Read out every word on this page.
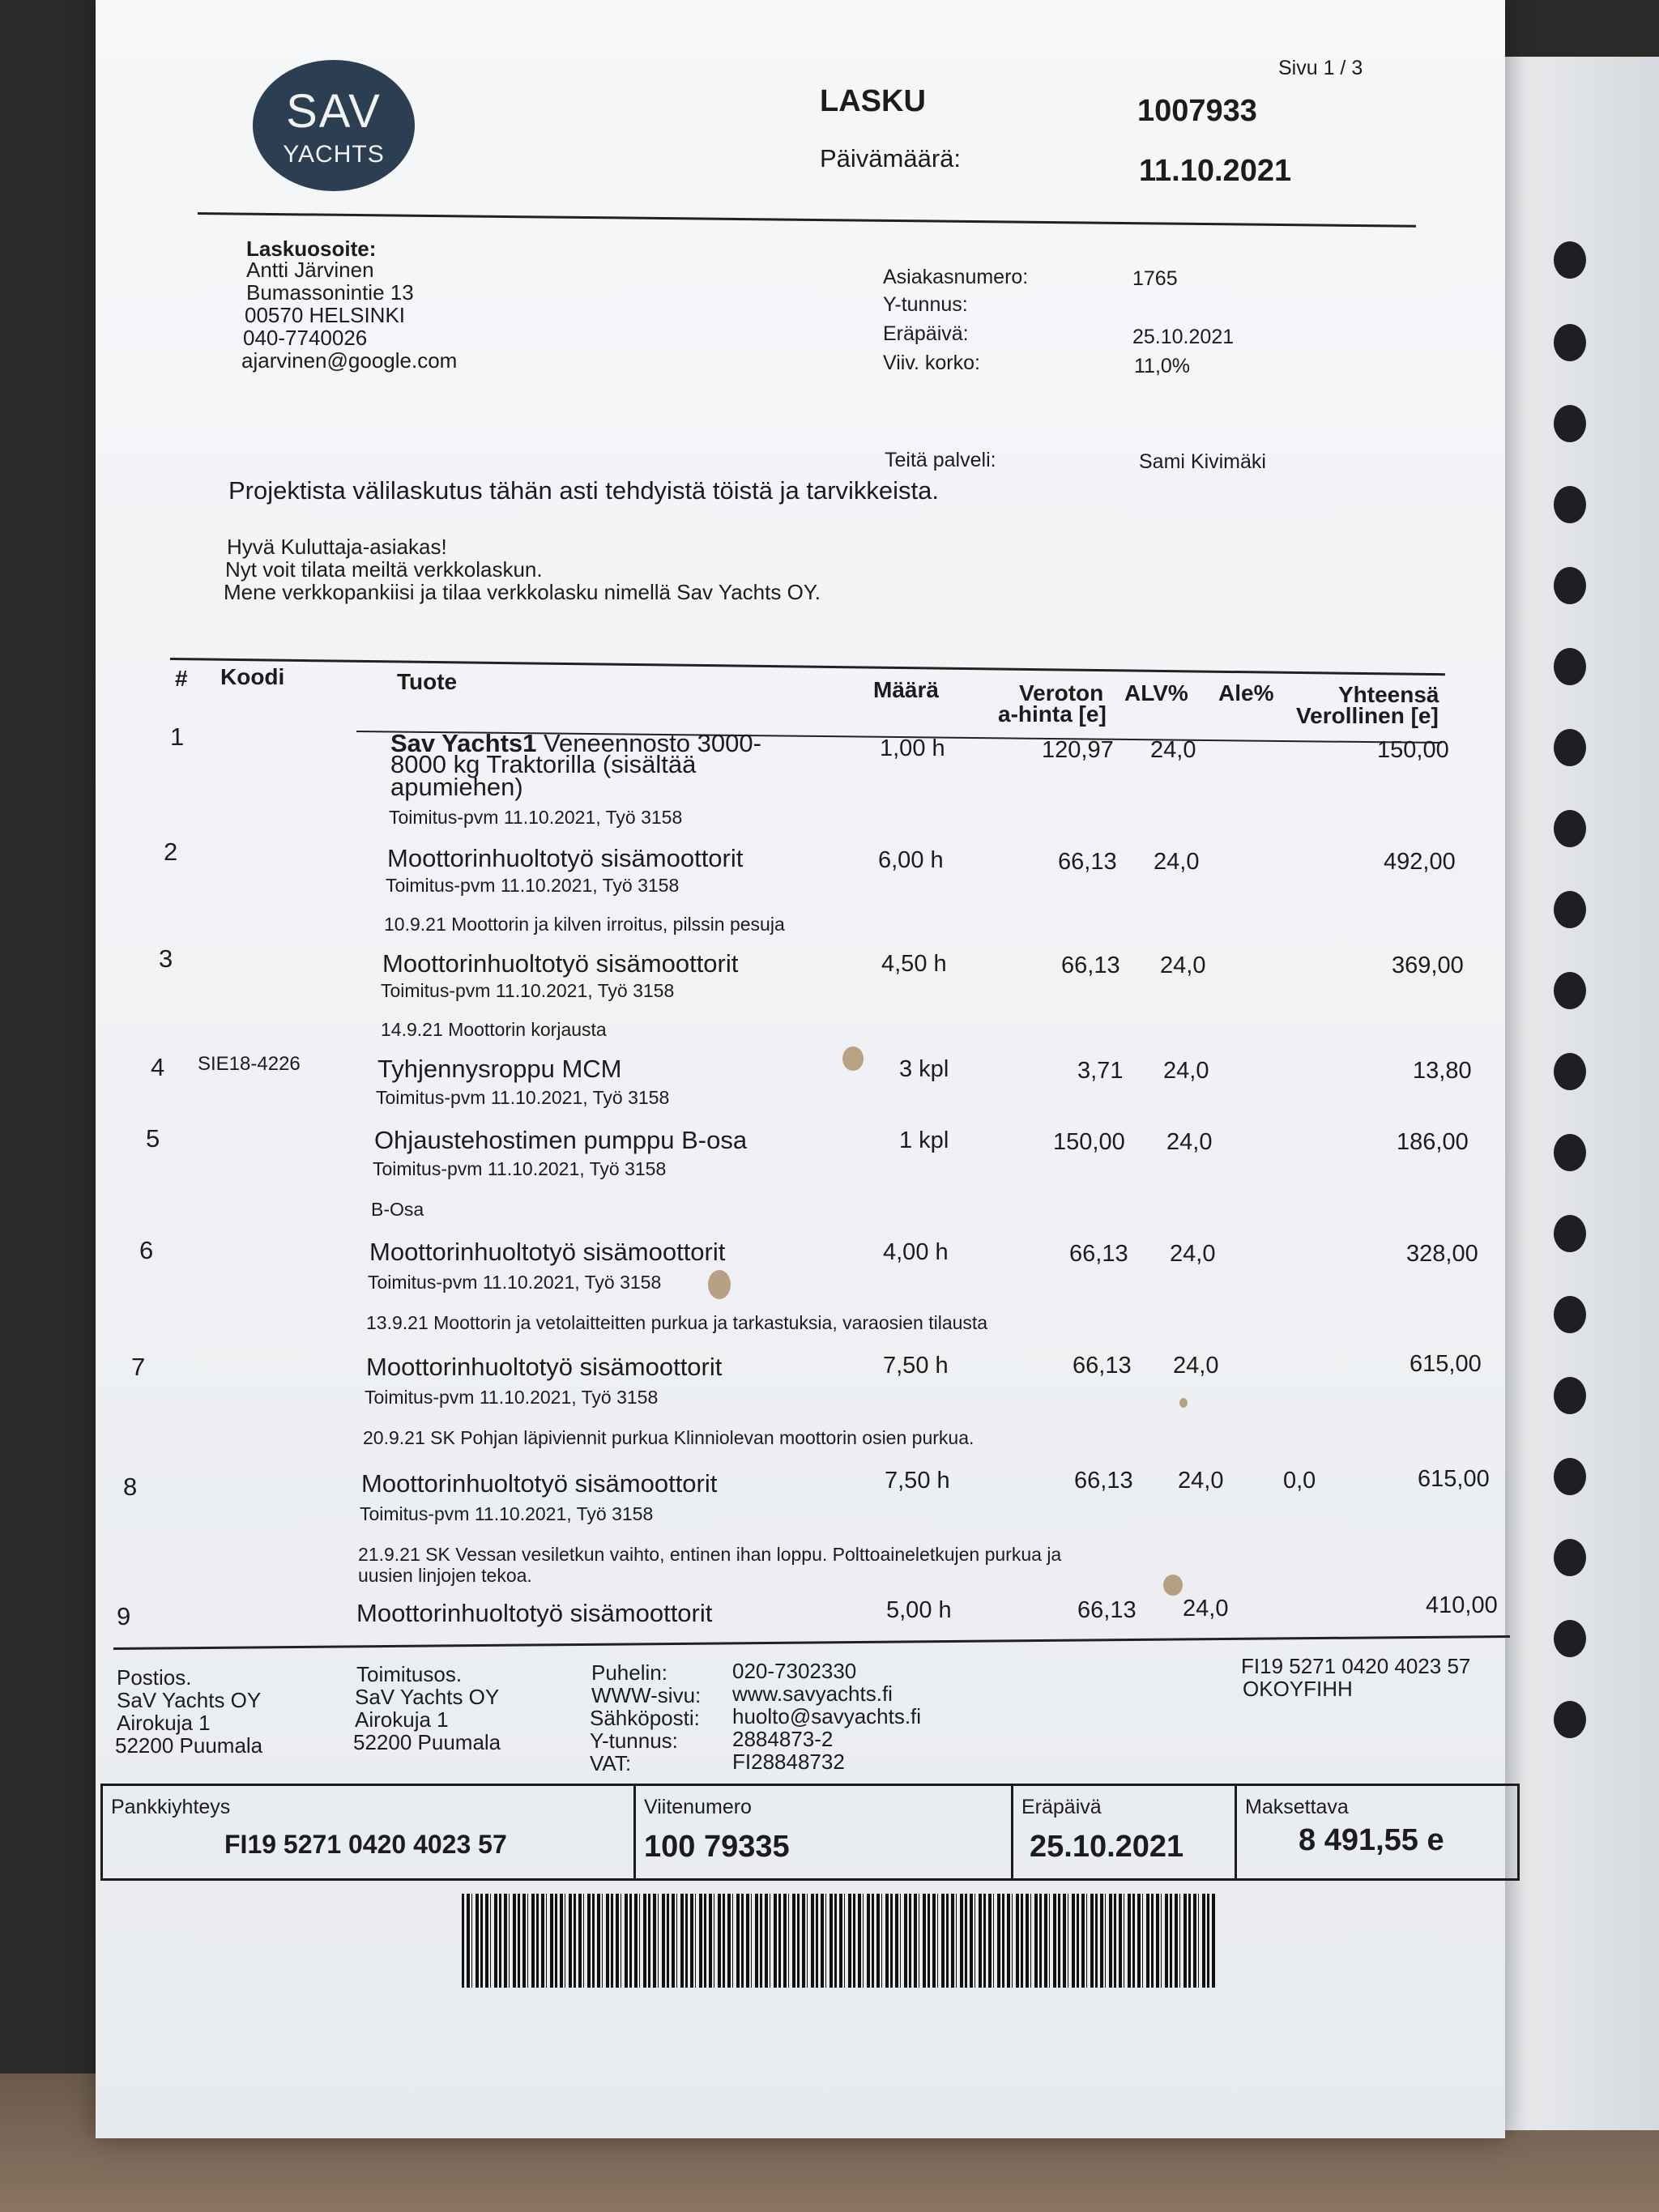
SAV
YACHTS
Sivu 1 / 3
LASKU	1007933
Päivämäärä:	11.10.2021
Laskuosoite:
Antti Järvinen
Bumassonintie 13
00570 HELSINKI
040-7740026
ajarvinen@google.com
Asiakasnumero:	1765
Y-tunnus:
Eräpäivä:	25.10.2021
Viiv. korko:	11,0%
Teitä palveli:	Sami Kivimäki
Projektista välilaskutus tähän asti tehdyistä töistä ja tarvikkeista.
Hyvä Kuluttaja-asiakas!
Nyt voit tilata meiltä verkkolaskun.
Mene verkkopankiisi ja tilaa verkkolasku nimellä Sav Yachts OY.
# Koodi	Tuote	Määrä	Veroton
a-hinta [e]
ALV% Ale%	Yhteensä
Verollinen [e]
1	Sav Yachts1 Veneennosto 3000-
8000 kg Traktorilla (sisältää
apumiehen)
Toimitus-pvm 11.10.2021, Työ 3158
1,00 h	120,97 24,0	150,00
2	Moottorinhuoltotyö sisämoottorit
Toimitus-pvm 11.10.2021, Työ 3158
10.9.21 Moottorin ja kilven irroitus, pilssin pesuja
6,00 h	66,13 24,0	492,00
3	Moottorinhuoltotyö sisämoottorit
Toimitus-pvm 11.10.2021, Työ 3158
14.9.21 Moottorin korjausta
4,50 h	66,13 24,0	369,00
4 SIE18-4226	Tyhjennysroppu MCM
Toimitus-pvm 11.10.2021, Työ 3158
3 kpl	3,71 24,0	13,80
5	Ohjaustehostimen pumppu B-osa
Toimitus-pvm 11.10.2021, Työ 3158
B-Osa
1 kpl	150,00 24,0	186,00
6	Moottorinhuoltotyö sisämoottorit
Toimitus-pvm 11.10.2021, Työ 3158
13.9.21 Moottorin ja vetolaitteitten purkua ja tarkastuksia, varaosien tilausta
4,00 h	66,13 24,0	328,00
7	Moottorinhuoltotyö sisämoottorit
Toimitus-pvm 11.10.2021, Työ 3158
20.9.21 SK Pohjan läpiviennit purkua Klinniolevan moottorin osien purkua.
7,50 h	66,13 24,0	615,00
8	Moottorinhuoltotyö sisämoottorit
Toimitus-pvm 11.10.2021, Työ 3158
21.9.21 SK Vessan vesiletkun vaihto, entinen ihan loppu. Polttoaineletkujen purkua ja
uusien linjojen tekoa.
7,50 h	66,13 24,0	0,0	615,00
9	Moottorinhuoltotyö sisämoottorit	5,00 h	66,13 24,0	410,00
Postios.
SaV Yachts OY
Airokuja 1
52200 Puumala
Toimitusos.
SaV Yachts OY
Airokuja 1
52200 Puumala
Puhelin:	020-7302330
WWW-sivu: www.savyachts.fi
Sähköposti: huolto@savyachts.fi
Y-tunnus:	2884873-2
VAT:	FI28848732
FI19 5271 0420 4023 57
OKOYFIHH
Pankkiyhteys
FI19 5271 0420 4023 57
Viitenumero
100 79335
Eräpäivä
25.10.2021
Maksettava
8 491,55 e
